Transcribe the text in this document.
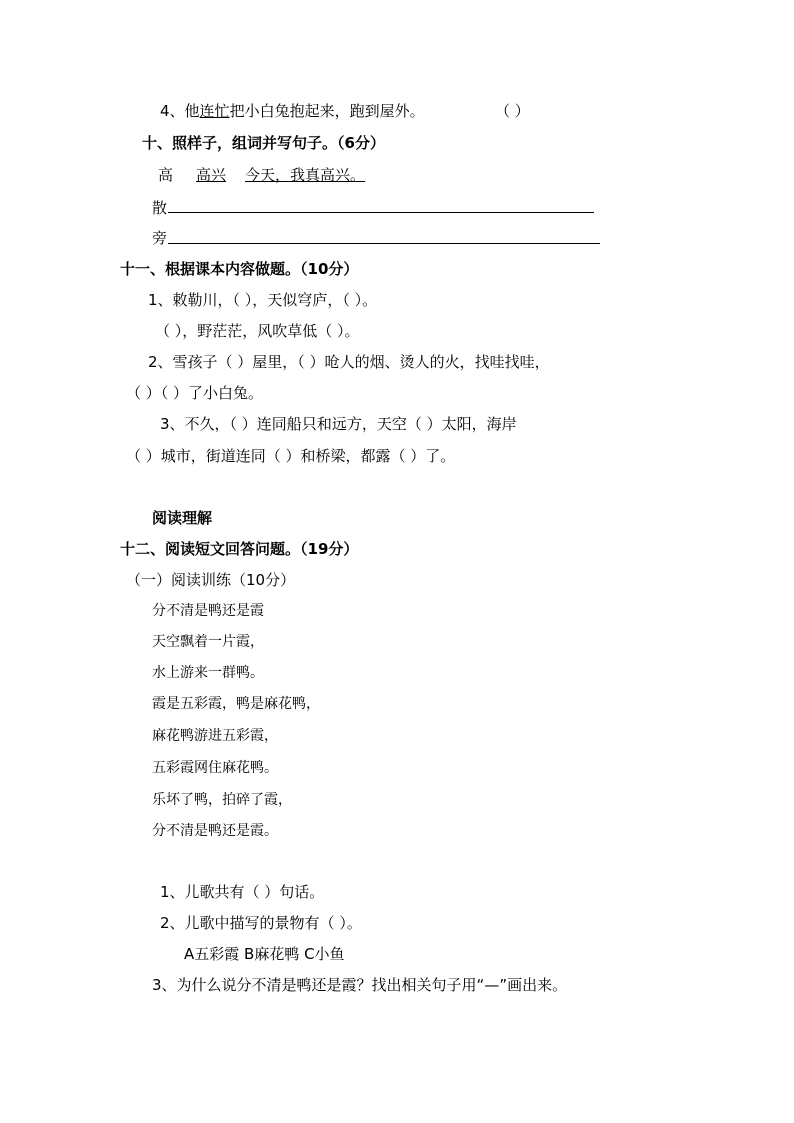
4、他连忙把小白兔抱起来，跑到屋外。	（ ）
十、照样子，组词并写句子。（6分）
高 高兴 今天，我真高兴。
散
旁
十一、根据课本内容做题。（10分）
1、敕勒川，（ ），天似穹庐，（ ）。
（ ），野茫茫，风吹草低（ ）。
2、雪孩子（ ）屋里，（ ）呛人的烟、烫人的火，找哇找哇，
（ ）（ ）了小白兔。
3、不久，（ ）连同船只和远方，天空（ ）太阳，海岸
（ ）城市，街道连同（ ）和桥梁，都露（ ）了。
阅读理解
十二、阅读短文回答问题。（19分）
（一）阅读训练（10分）
分不清是鸭还是霞
天空飘着一片霞，
水上游来一群鸭。
霞是五彩霞，鸭是麻花鸭，
麻花鸭游进五彩霞，
五彩霞网住麻花鸭。
乐坏了鸭，拍碎了霞，
分不清是鸭还是霞。
1、儿歌共有（ ）句话。
2、儿歌中描写的景物有（ ）。
A五彩霞 B麻花鸭 C小鱼
3、为什么说分不清是鸭还是霞？找出相关句子用“—”画出来。
